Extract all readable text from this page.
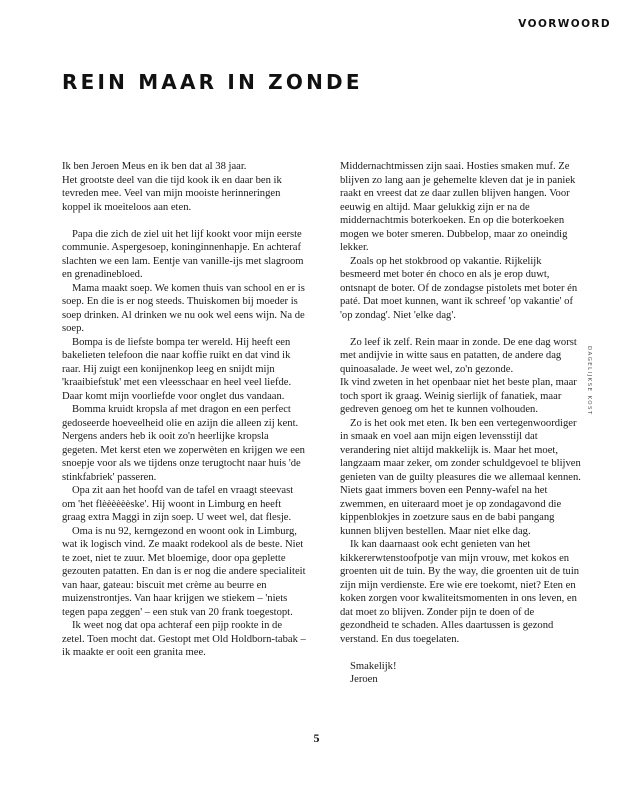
VOORWOORD
REIN MAAR IN ZONDE

Ik ben Jeroen Meus en ik ben dat al 38 jaar.

Het grootste deel van die tijd kook ik en daar ben ik tevreden mee. Veel van mijn mooiste herinneringen koppel ik moeiteloos aan eten.

Papa die zich de ziel uit het lijf kookt voor mijn eerste communie. Aspergesoep, koninginnenhapje. En achteraf slachten we een lam. Eentje van vanille-ijs met slagroom en grenadinebloed.

Mama maakt soep. We komen thuis van school en er is soep. En die is er nog steeds. Thuiskomen bij moeder is soep drinken. Al drinken we nu ook wel eens wijn. Na de soep.

Bompa is de liefste bompa ter wereld. Hij heeft een bakelieten telefoon die naar koffie ruikt en dat vind ik raar. Hij zuigt een konijnenkop leeg en snijdt mijn 'kraaibiefstuk' met een vleesschaar en heel veel liefde. Daar komt mijn voorliefde voor onglet dus vandaan.

Bomma kruidt kropsla af met dragon en een perfect gedoseerde hoeveelheid olie en azijn die alleen zij kent. Nergens anders heb ik ooit zo'n heerlijke kropsla gegeten. Met kerst eten we zoperwèten en krijgen we een snoepje voor als we tijdens onze terugtocht naar huis 'de stinkfabriek' passeren.

Opa zit aan het hoofd van de tafel en vraagt steevast om 'het flèèèèèèske'. Hij woont in Limburg en heeft graag extra Maggi in zijn soep. U weet wel, dat flesje.

Oma is nu 92, kerngezond en woont ook in Limburg, wat ik logisch vind. Ze maakt rodekool als de beste. Niet te zoet, niet te zuur. Met bloemige, door opa geplette gezouten patatten. En dan is er nog die andere specialiteit van haar, gateau: biscuit met crème au beurre en muizenstrontjes. Van haar krijgen we stiekem – 'niets tegen papa zeggen' – een stuk van 20 frank toegestopt.

Ik weet nog dat opa achteraf een pijp rookte in de zetel. Toen mocht dat. Gestopt met Old Holdborn-tabak – ik maakte er ooit een granita mee.

Middernachtmissen zijn saai. Hosties smaken muf. Ze blijven zo lang aan je gehemelte kleven dat je in paniek raakt en vreest dat ze daar zullen blijven hangen. Voor eeuwig en altijd. Maar gelukkig zijn er na de middernachtmis boterkoeken. En op die boterkoeken mogen we boter smeren. Dubbelop, maar zo oneindig lekker.

Zoals op het stokbrood op vakantie. Rijkelijk besmeerd met boter én choco en als je erop duwt, ontsnapt de boter. Of de zondagse pistolets met boter én paté. Dat moet kunnen, want ik schreef 'op vakantie' of 'op zondag'. Niet 'elke dag'.

Zo leef ik zelf. Rein maar in zonde. De ene dag worst met andijvie in witte saus en patatten, de andere dag quinoasalade. Je weet wel, zo'n gezonde.

Ik vind zweten in het openbaar niet het beste plan, maar toch sport ik graag. Weinig sierlijk of fanatiek, maar gedreven genoeg om het te kunnen volhouden.

Zo is het ook met eten. Ik ben een vertegenwoordiger in smaak en voel aan mijn eigen levensstijl dat verandering niet altijd makkelijk is. Maar het moet, langzaam maar zeker, om zonder schuldgevoel te blijven genieten van de guilty pleasures die we allemaal kennen. Niets gaat immers boven een Penny-wafel na het zwemmen, en uiteraard moet je op zondagavond die kippenblokjes in zoetzure saus en de babi pangang kunnen blijven bestellen. Maar niet elke dag.

Ik kan daarnaast ook echt genieten van het kikkererwtenstoofpotje van mijn vrouw, met kokos en groenten uit de tuin. By the way, die groenten uit de tuin zijn mijn verdienste. Ere wie ere toekomt, niet? Eten en koken zorgen voor kwaliteitsmomenten in ons leven, en dat moet zo blijven. Zonder pijn te doen of de gezondheid te schaden. Alles daartussen is gezond verstand. En dus toegelaten.

Smakelijk!

Jeroen

DAGELIJKSE KOST
5
